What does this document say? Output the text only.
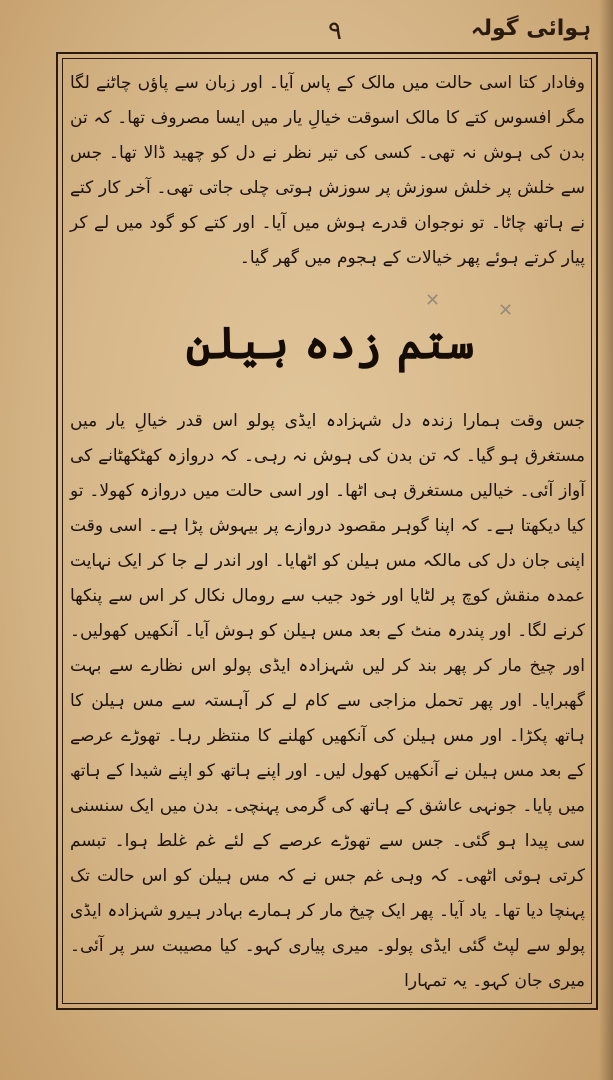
۹	ہوائی گولہ

وفادار کتا اسی حالت میں مالک کے پاس آیا۔ اور زبان سے پاؤں چاٹنے لگا مگر افسوس کتے کا مالک اسوقت خیالِ یار میں ایسا مصروف تھا۔ کہ تن بدن کی ہوش نہ تھی۔ کسی کی تیر نظر نے دل کو چھید ڈالا تھا۔ جس سے خلش پر خلش سوزش پر سوزش ہوتی چلی جاتی تھی۔ آخر کار کتے نے ہاتھ چاٹا۔ تو نوجوان قدرے ہوش میں آیا۔ اور کتے کو گود میں لے کر پیار کرتے ہوئے پھر خیالات کے ہجوم میں گھر گیا۔

✕	✕
ستم زدہ ہیلن

جس وقت ہمارا زندہ دل شہزادہ ایڈی پولو اس قدر خیالِ یار میں مستغرق ہو گیا۔ کہ تن بدن کی ہوش نہ رہی۔ کہ دروازہ کھٹکھٹانے کی آواز آئی۔ خیالیں مستغرق ہی اٹھا۔ اور اسی حالت میں دروازہ کھولا۔ تو کیا دیکھتا ہے۔ کہ اپنا گوہر مقصود دروازے پر بیہوش پڑا ہے۔ اسی وقت اپنی جان دل کی مالکہ مس ہیلن کو اٹھایا۔ اور اندر لے جا کر ایک نہایت عمدہ منقش کوچ پر لٹایا اور خود جیب سے رومال نکال کر اس سے پنکھا کرنے لگا۔ اور پندرہ منٹ کے بعد مس ہیلن کو ہوش آیا۔ آنکھیں کھولیں۔ اور چیخ مار کر پھر بند کر لیں شہزادہ ایڈی پولو اس نظارے سے بہت گھبرایا۔ اور پھر تحمل مزاجی سے کام لے کر آہستہ سے مس ہیلن کا ہاتھ پکڑا۔ اور مس ہیلن کی آنکھیں کھلنے کا منتظر رہا۔ تھوڑے عرصے کے بعد مس ہیلن نے آنکھیں کھول لیں۔ اور اپنے ہاتھ کو اپنے شیدا کے ہاتھ میں پایا۔ جونہی عاشق کے ہاتھ کی گرمی پہنچی۔ بدن میں ایک سنسنی سی پیدا ہو گئی۔ جس سے تھوڑے عرصے کے لئے غم غلط ہوا۔ تبسم کرتی ہوئی اٹھی۔ کہ وہی غم جس نے کہ مس ہیلن کو اس حالت تک پہنچا دیا تھا۔ یاد آیا۔ پھر ایک چیخ مار کر ہمارے بہادر ہیرو شہزادہ ایڈی پولو سے لپٹ گئی ایڈی پولو۔ میری پیاری کہو۔ کیا مصیبت سر پر آئی۔ میری جان کہو۔ یہ تمہارا
